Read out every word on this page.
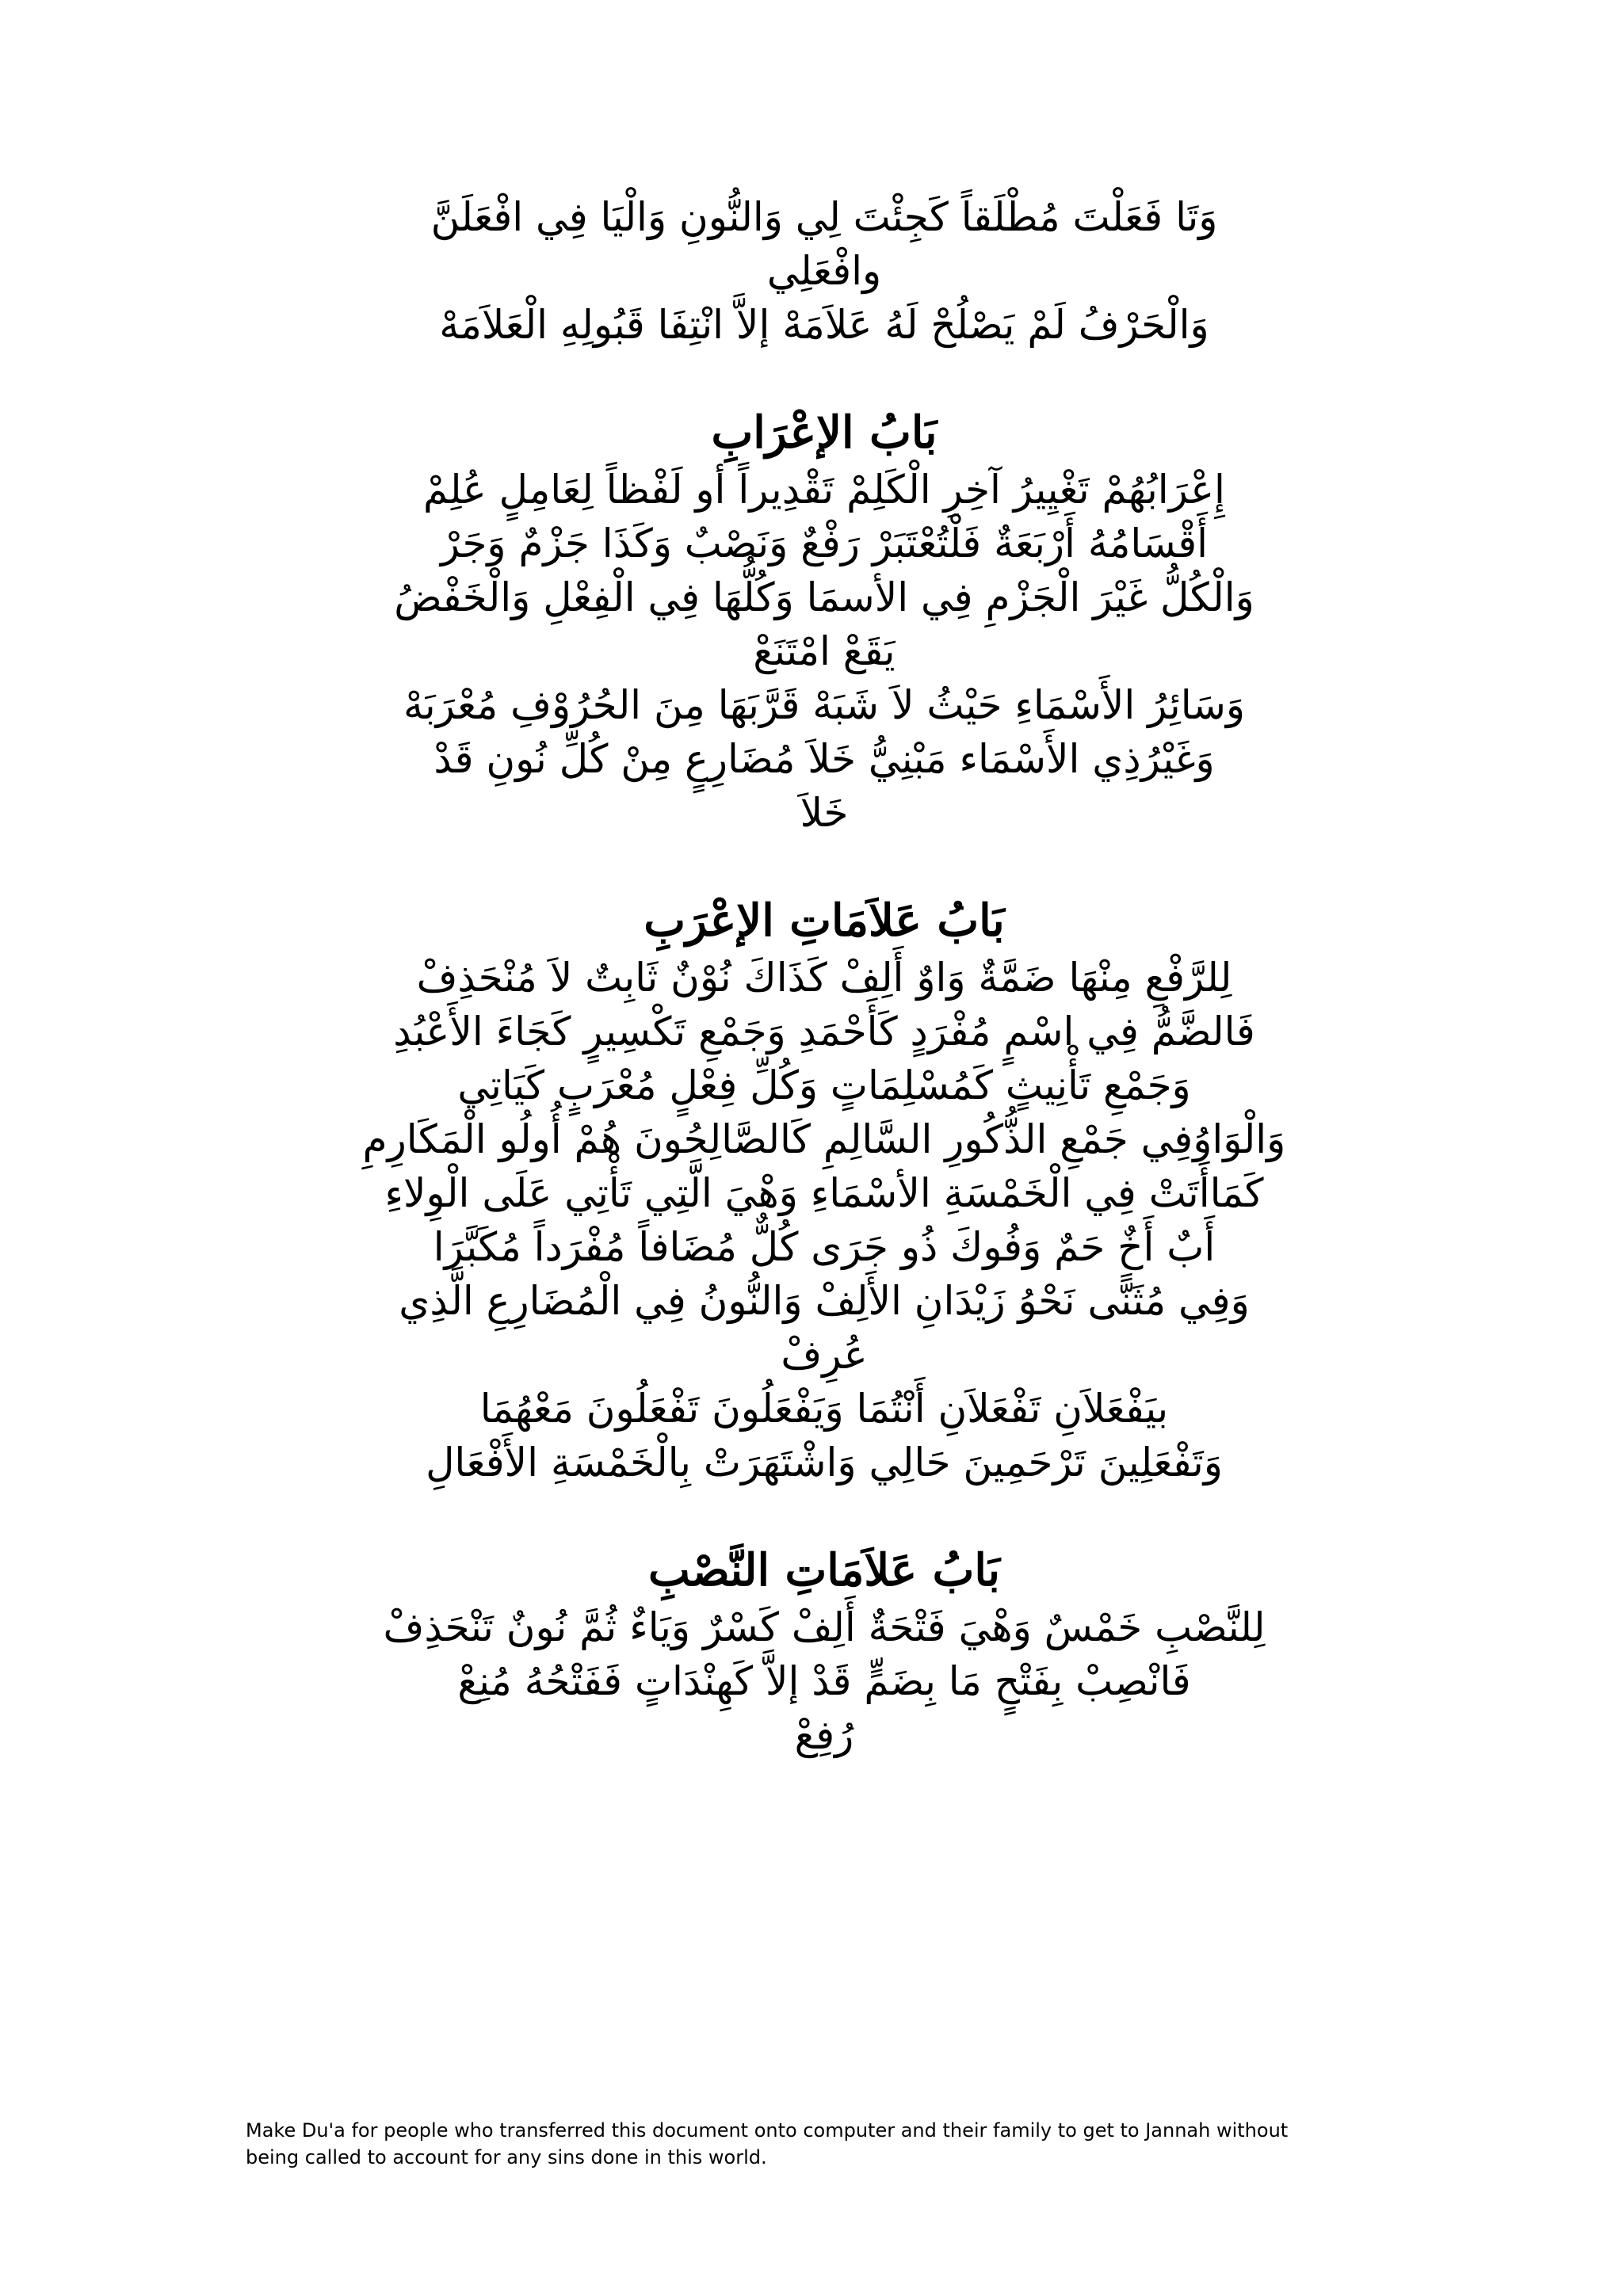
وَتَا فَعَلْتَ مُطْلَقاً كَجِئْتَ لِي وَالنُّونِ وَالْيَا فِي افْعَلَنَّ

وافْعَلِي

وَالْحَرْفُ لَمْ يَصْلُحْ لَهُ عَلاَمَهْ إلاَّ انْتِفَا قَبُولِهِ الْعَلاَمَهْ

بَابُ الإعْرَابِ

إِعْرَابُهُمْ تَغْيِيرُ آخِرِ الْكَلِمْ تَقْدِيراً أو لَفْظاً لِعَامِلٍ عُلِمْ

أَقْسَامُهُ أَرْبَعَةٌ فَلْتُعْتَبَرْ رَفْعٌ وَنَصْبٌ وَكَذَا جَزْمٌ وَجَرْ

وَالْكُلُّ غَيْرَ الْجَزْمِ فِي الأسمَا وَكُلُّهَا فِي الْفِعْلِ وَالْخَفْضُ

يَقَعْ امْتَنَعْ

وَسَائِرُ الأَسْمَاءِ حَيْثُ لاَ شَبَهْ قَرَّبَهَا مِنَ الحُرُوْفِ مُعْرَبَهْ

وَغَيْرُذِي الأَسْمَاء مَبْنِيُّ خَلاَ مُضَارِعٍ مِنْ كُلِّ نُونِ قَدْ

خَلاَ

بَابُ عَلاَمَاتِ الإعْرَبِ

لِلرَّفْعِ مِنْهَا ضَمَّةٌ وَاوٌ أَلِفْ كَذَاكَ نُوْنٌ ثَابِتٌ لاَ مُنْحَذِفْ

فَالضَّمُّ فِي اسْمٍ مُفْرَدٍ كَأَحْمَدِ وَجَمْعِ تَكْسِيرٍ كَجَاءَ الأَعْبُدِ

وَجَمْعِ تَأْنِيثٍ كَمُسْلِمَاتٍ وَكُلِّ فِعْلٍ مُعْرَبٍ كَيَاتِي

وَالْوَاوُفِي جَمْعِ الذُّكُورِ السَّالِمِ كَالصَّالِحُونَ هُمْ أُولُو الْمَكَارِمِ

كَمَاأَتَتْ فِي الْخَمْسَةِ الأسْمَاءِ وَهْيَ الَّتِي تَأْتِي عَلَى الْوِلاءِ

أَبٌ أَخٌ حَمٌ وَفُوكَ ذُو جَرَى كُلٌّ مُضَافاً مُفْرَداً مُكَبَّرَا

وَفِي مُثَنًّى نَحْوُ زَيْدَانِ الأَلِفْ وَالنُّونُ فِي الْمُضَارِعِ الَّذِي

عُرِفْ

بيَفْعَلاَنِ تَفْعَلاَنِ أَنْتُمَا وَيَفْعَلُونَ تَفْعَلُونَ مَعْهُمَا

وَتَفْعَلِينَ تَرْحَمِينَ حَالِي وَاشْتَهَرَتْ بِالْخَمْسَةِ الأَفْعَالِ

بَابُ عَلاَمَاتِ النَّصْبِ

لِلنَّصْبِ خَمْسٌ وَهْيَ فَتْحَةٌ أَلِفْ كَسْرٌ وَيَاءٌ ثُمَّ نُونٌ تَنْحَذِفْ

فَانْصِبْ بِفَتْحٍ مَا بِضَمٍّ قَدْ إلاَّ كَهِنْدَاتٍ فَفَتْحُهُ مُنِعْ

رُفِعْ

Make Du'a for people who transferred this document onto computer and their family to get to Jannah without
being called to account for any sins done in this world.
